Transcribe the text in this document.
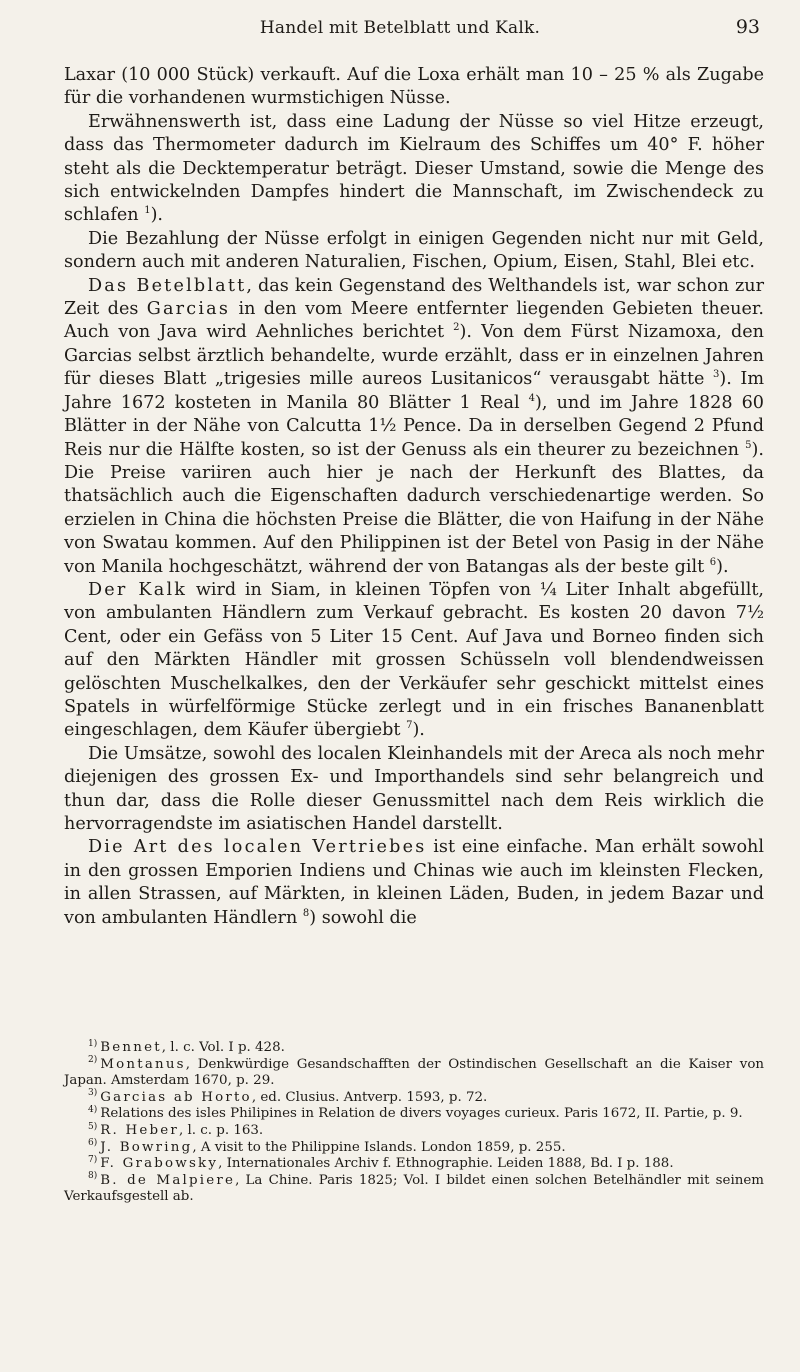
Handel mit Betelblatt und Kalk.	93

Laxar (10 000 Stück) verkauft. Auf die Loxa erhält man 10 – 25 % als Zugabe für die vorhandenen wurmstichigen Nüsse.

Erwähnenswerth ist, dass eine Ladung der Nüsse so viel Hitze erzeugt, dass das Thermometer dadurch im Kielraum des Schiffes um 40° F. höher steht als die Decktemperatur beträgt. Dieser Umstand, sowie die Menge des sich entwickelnden Dampfes hindert die Mannschaft, im Zwischendeck zu schlafen $^1$).

Die Bezahlung der Nüsse erfolgt in einigen Gegenden nicht nur mit Geld, sondern auch mit anderen Naturalien, Fischen, Opium, Eisen, Stahl, Blei etc.

Das Betelblatt, das kein Gegenstand des Welthandels ist, war schon zur Zeit des Garcias in den vom Meere entfernter liegenden Gebieten theuer. Auch von Java wird Aehnliches berichtet $^2$). Von dem Fürst Nizamoxa, den Garcias selbst ärztlich behandelte, wurde erzählt, dass er in einzelnen Jahren für dieses Blatt „trigesies mille aureos Lusitanicos“ verausgabt hätte $^3$). Im Jahre 1672 kosteten in Manila 80 Blätter 1 Real $^4$), und im Jahre 1828 60 Blätter in der Nähe von Calcutta 1½ Pence. Da in derselben Gegend 2 Pfund Reis nur die Hälfte kosten, so ist der Genuss als ein theurer zu bezeichnen $^5$). Die Preise variiren auch hier je nach der Herkunft des Blattes, da thatsächlich auch die Eigenschaften dadurch verschiedenartige werden. So erzielen in China die höchsten Preise die Blätter, die von Haifung in der Nähe von Swatau kommen. Auf den Philippinen ist der Betel von Pasig in der Nähe von Manila hochgeschätzt, während der von Batangas als der beste gilt $^6$).

Der Kalk wird in Siam, in kleinen Töpfen von ¼ Liter Inhalt abgefüllt, von ambulanten Händlern zum Verkauf gebracht. Es kosten 20 davon 7½ Cent, oder ein Gefäss von 5 Liter 15 Cent. Auf Java und Borneo finden sich auf den Märkten Händler mit grossen Schüsseln voll blendendweissen gelöschten Muschelkalkes, den der Verkäufer sehr geschickt mittelst eines Spatels in würfelförmige Stücke zerlegt und in ein frisches Bananenblatt eingeschlagen, dem Käufer übergiebt $^7$).

Die Umsätze, sowohl des localen Kleinhandels mit der Areca als noch mehr diejenigen des grossen Ex- und Importhandels sind sehr belangreich und thun dar, dass die Rolle dieser Genussmittel nach dem Reis wirklich die hervorragendste im asiatischen Handel darstellt.

Die Art des localen Vertriebes ist eine einfache. Man erhält sowohl in den grossen Emporien Indiens und Chinas wie auch im kleinsten Flecken, in allen Strassen, auf Märkten, in kleinen Läden, Buden, in jedem Bazar und von ambulanten Händlern $^8$) sowohl die

$^{1)}$ Bennet, l. c. Vol. I p. 428.

$^{2)}$ Montanus, Denkwürdige Gesandschafften der Ostindischen Gesellschaft an die Kaiser von Japan. Amsterdam 1670, p. 29.

$^{3)}$ Garcias ab Horto, ed. Clusius. Antverp. 1593, p. 72.

$^{4)}$ Relations des isles Philipines in Relation de divers voyages curieux. Paris 1672, II. Partie, p. 9.

$^{5)}$ R. Heber, l. c. p. 163.

$^{6)}$ J. Bowring, A visit to the Philippine Islands. London 1859, p. 255.

$^{7)}$ F. Grabowsky, Internationales Archiv f. Ethnographie. Leiden 1888, Bd. I p. 188.

$^{8)}$ B. de Malpiere, La Chine. Paris 1825; Vol. I bildet einen solchen Betelhändler mit seinem Verkaufsgestell ab.
